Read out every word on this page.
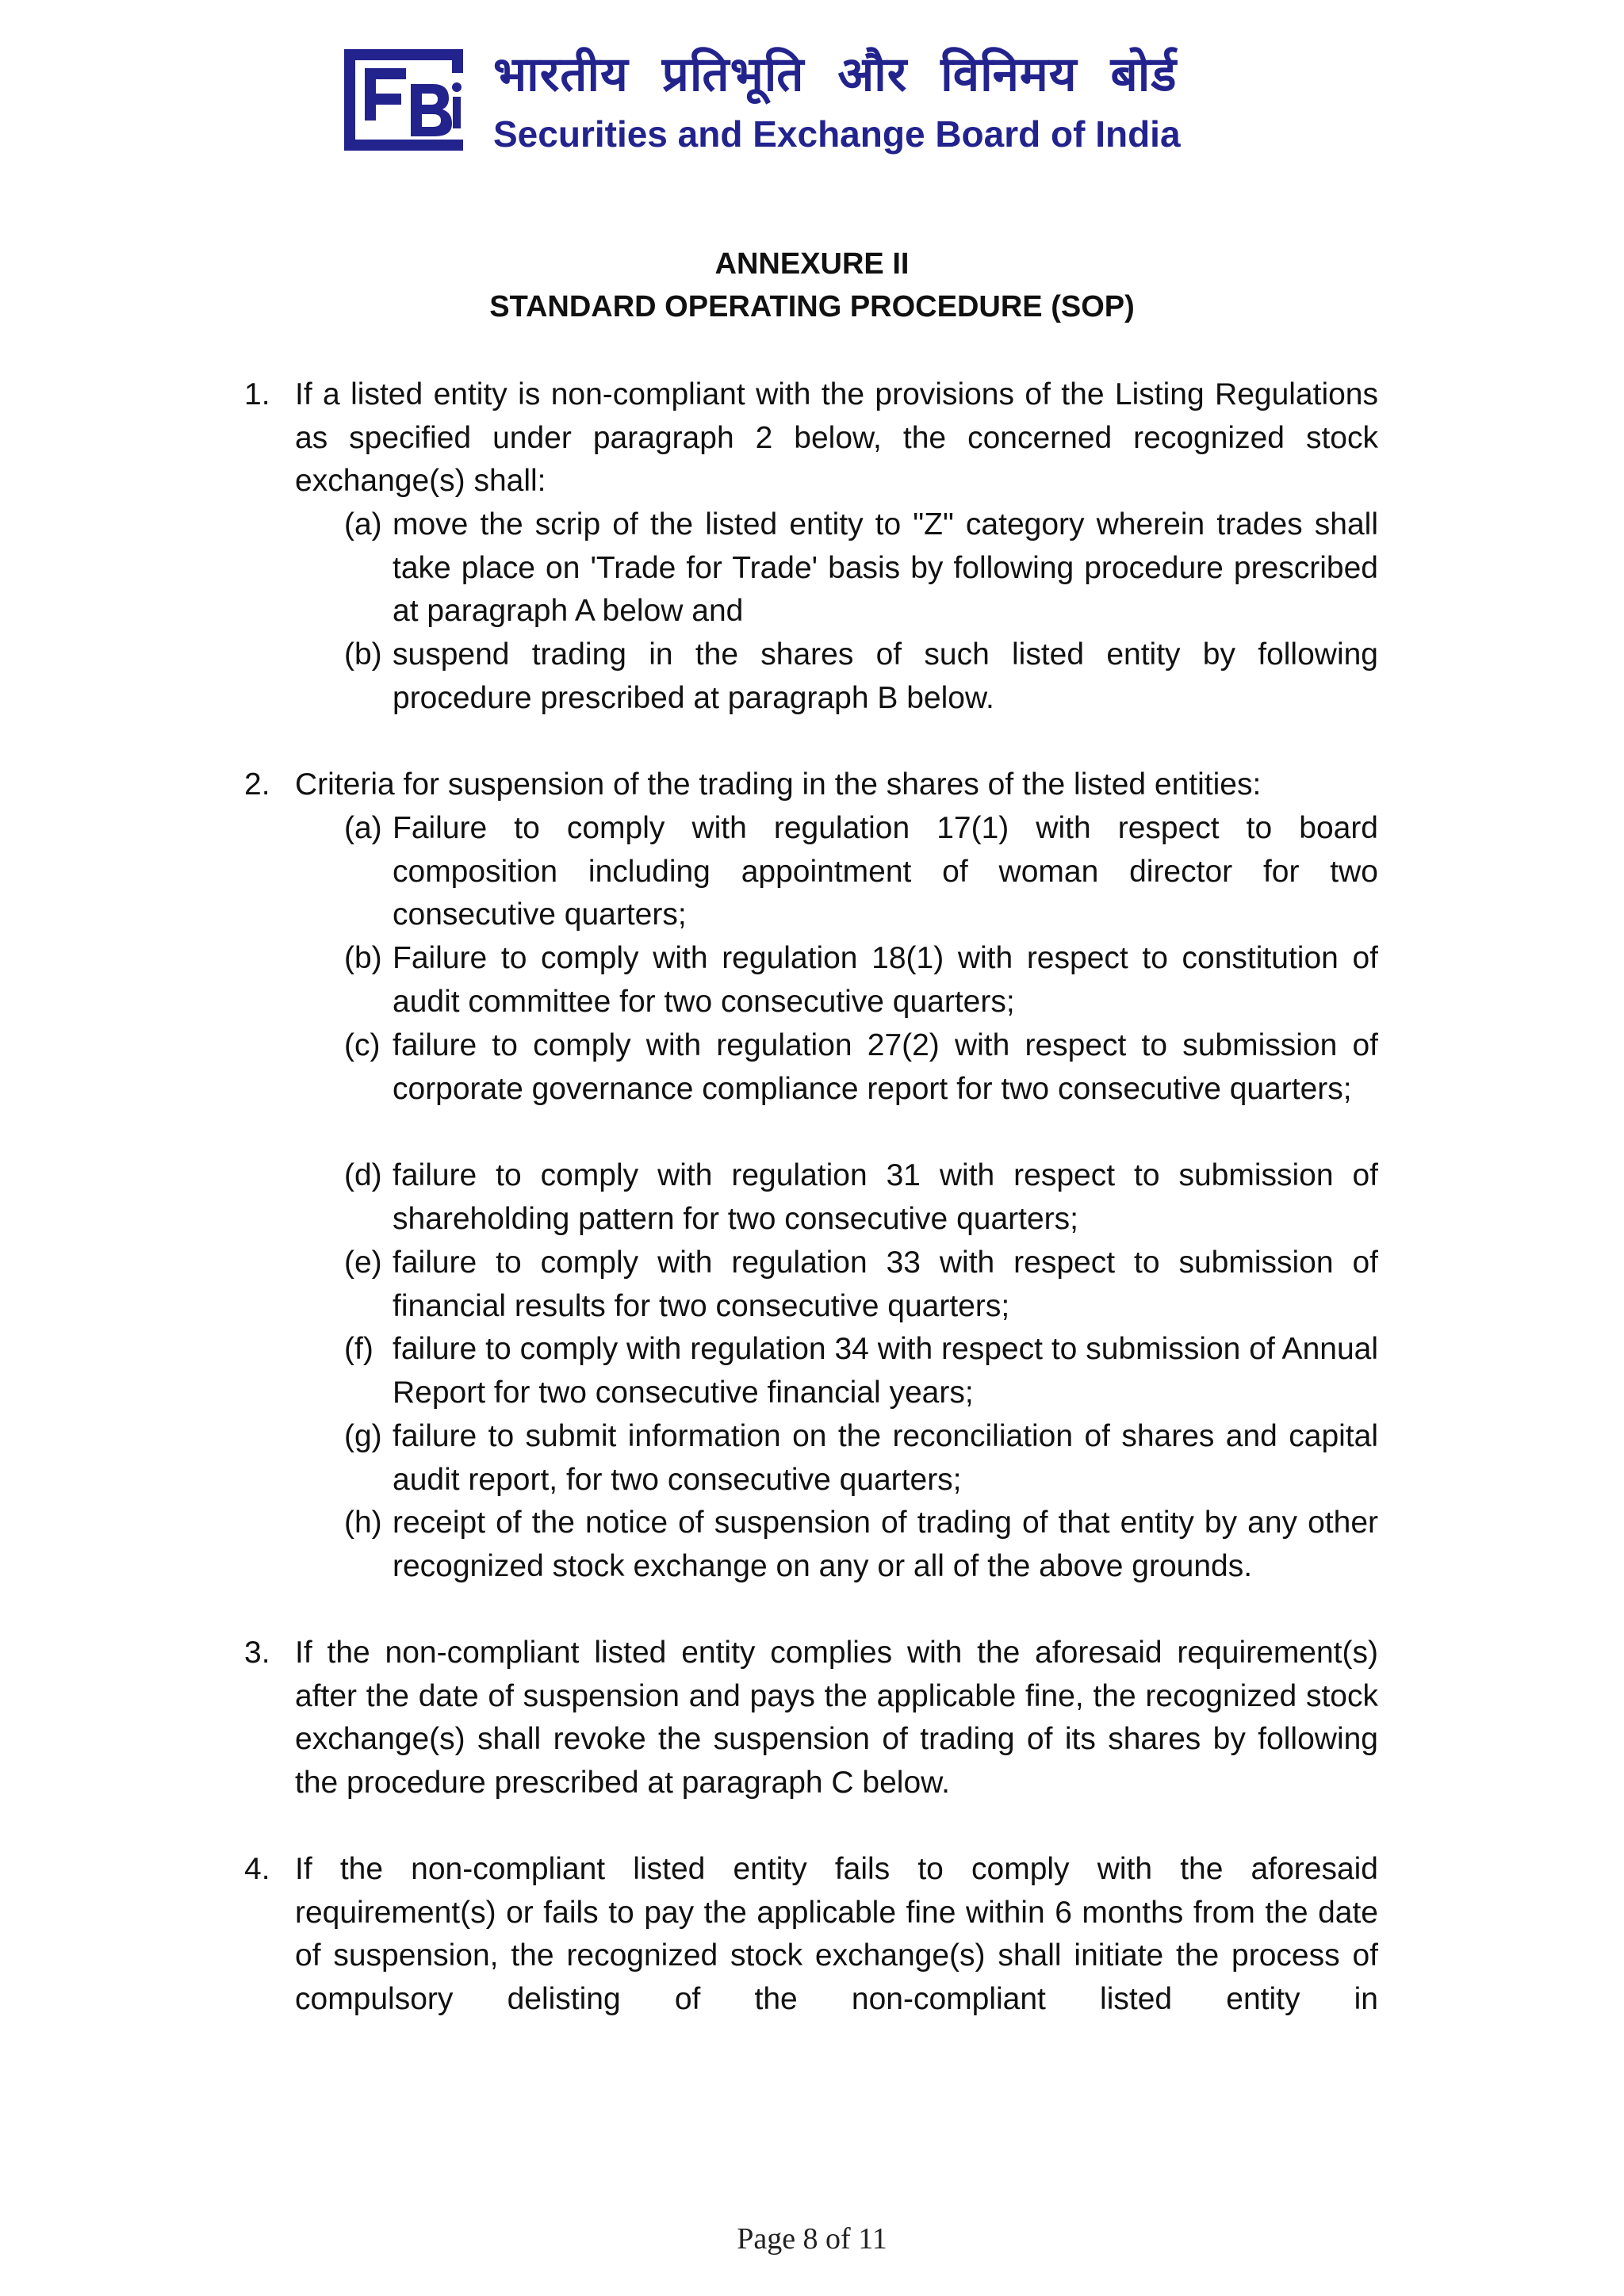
भारतीय प्रतिभूति और विनिमय बोर्ड
Securities and Exchange Board of India
ANNEXURE II
STANDARD OPERATING PROCEDURE (SOP)
1. If a listed entity is non-compliant with the provisions of the Listing Regulations as specified under paragraph 2 below, the concerned recognized stock exchange(s) shall:
(a) move the scrip of the listed entity to "Z" category wherein trades shall take place on 'Trade for Trade' basis by following procedure prescribed at paragraph A below and
(b) suspend trading in the shares of such listed entity by following procedure prescribed at paragraph B below.
2. Criteria for suspension of the trading in the shares of the listed entities:
(a) Failure to comply with regulation 17(1) with respect to board composition including appointment of woman director for two consecutive quarters;
(b) Failure to comply with regulation 18(1) with respect to constitution of audit committee for two consecutive quarters;
(c) failure to comply with regulation 27(2) with respect to submission of corporate governance compliance report for two consecutive quarters;
(d) failure to comply with regulation 31 with respect to submission of shareholding pattern for two consecutive quarters;
(e) failure to comply with regulation 33 with respect to submission of financial results for two consecutive quarters;
(f) failure to comply with regulation 34 with respect to submission of Annual Report for two consecutive financial years;
(g) failure to submit information on the reconciliation of shares and capital audit report, for two consecutive quarters;
(h) receipt of the notice of suspension of trading of that entity by any other recognized stock exchange on any or all of the above grounds.
3. If the non-compliant listed entity complies with the aforesaid requirement(s) after the date of suspension and pays the applicable fine, the recognized stock exchange(s) shall revoke the suspension of trading of its shares by following the procedure prescribed at paragraph C below.
4. If the non-compliant listed entity fails to comply with the aforesaid requirement(s) or fails to pay the applicable fine within 6 months from the date of suspension, the recognized stock exchange(s) shall initiate the process of compulsory delisting of the non-compliant listed entity in
Page 8 of 11
